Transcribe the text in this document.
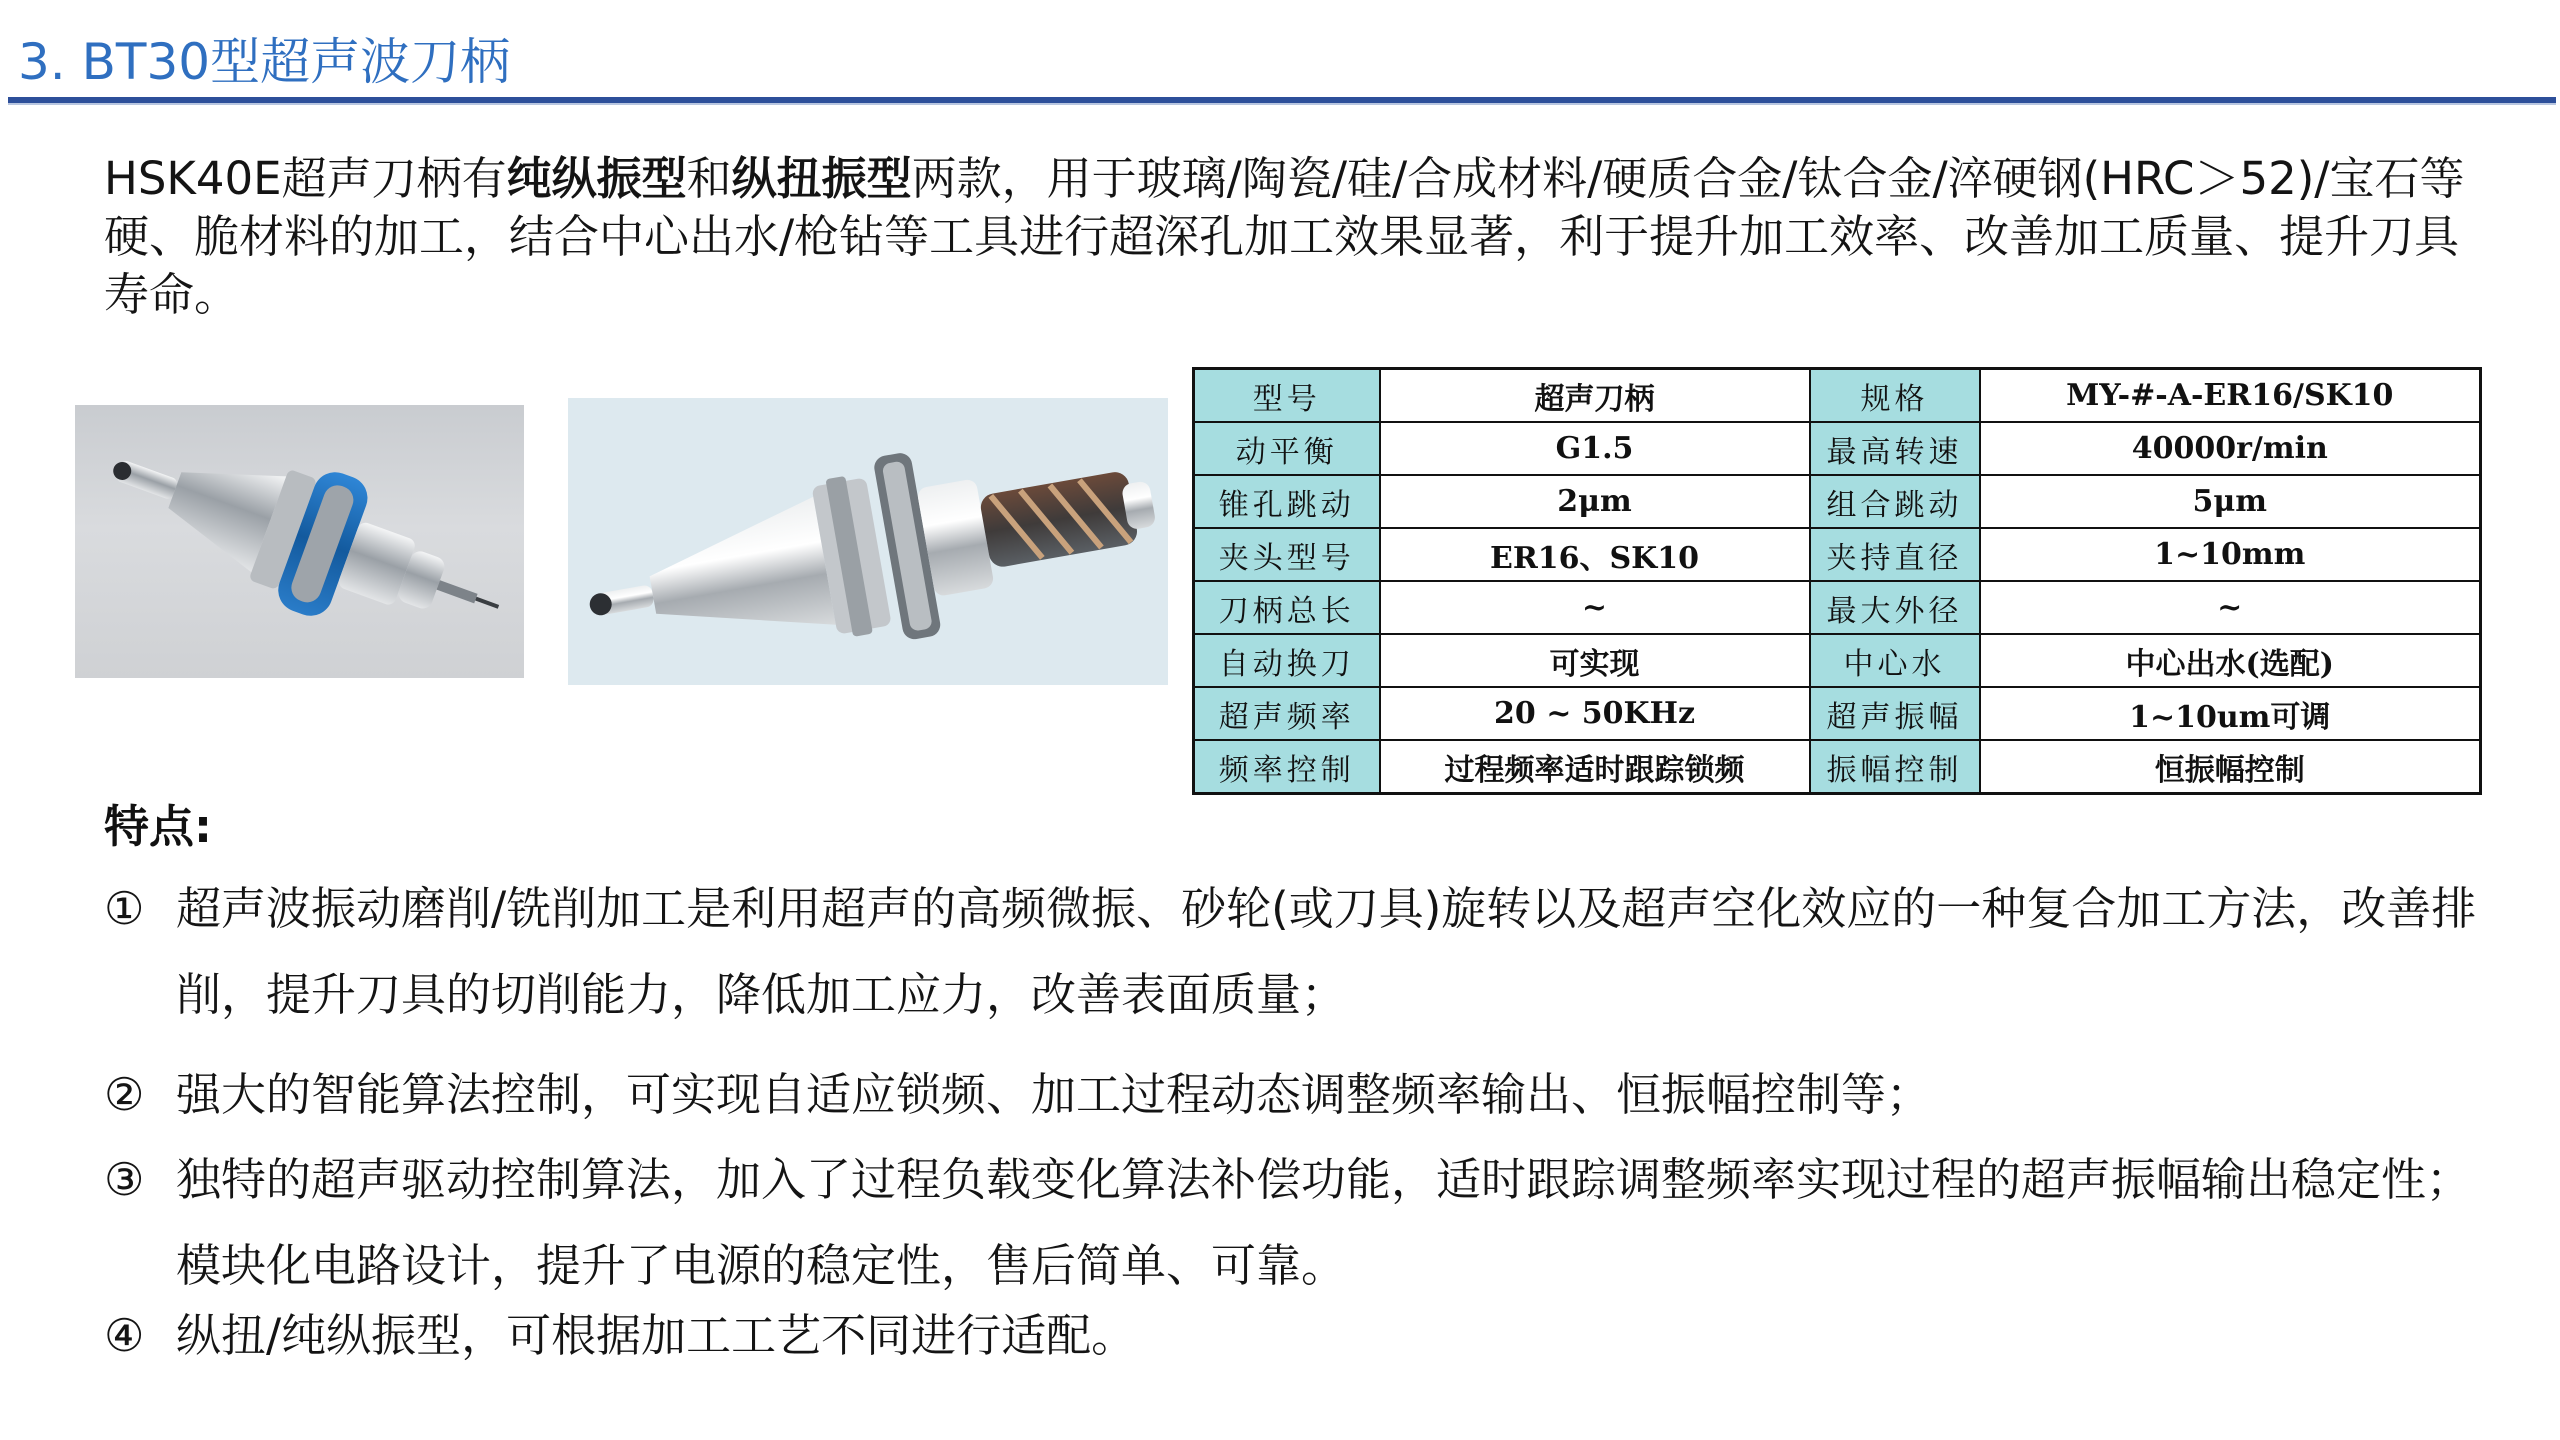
3. BT30型超声波刀柄
HSK40E超声刀柄有纯纵振型和纵扭振型两款，用于玻璃/陶瓷/硅/合成材料/硬质合金/钛合金/淬硬钢(HRC＞52)/宝石等硬、脆材料的加工，结合中心出水/枪钻等工具进行超深孔加工效果显著，利于提升加工效率、改善加工质量、提升刀具寿命。
型号	超声刀柄	规格	MY-#-A-ER16/SK10
动平衡	G1.5	最高转速	40000r/min
锥孔跳动	2μm	组合跳动	5μm
夹头型号	ER16、SK10	夹持直径	1~10mm
刀柄总长	~	最大外径	~
自动换刀	可实现	中心水	中心出水(选配)
超声频率	20 ~ 50KHz	超声振幅	1~10um可调
频率控制	过程频率适时跟踪锁频	振幅控制	恒振幅控制
特点:
① 超声波振动磨削/铣削加工是利用超声的高频微振、砂轮(或刀具)旋转以及超声空化效应的一种复合加工方法，改善排削，提升刀具的切削能力，降低加工应力，改善表面质量；
② 强大的智能算法控制，可实现自适应锁频、加工过程动态调整频率输出、恒振幅控制等；
③ 独特的超声驱动控制算法，加入了过程负载变化算法补偿功能，适时跟踪调整频率实现过程的超声振幅输出稳定性；模块化电路设计，提升了电源的稳定性，售后简单、可靠。
④ 纵扭/纯纵振型，可根据加工工艺不同进行适配。
